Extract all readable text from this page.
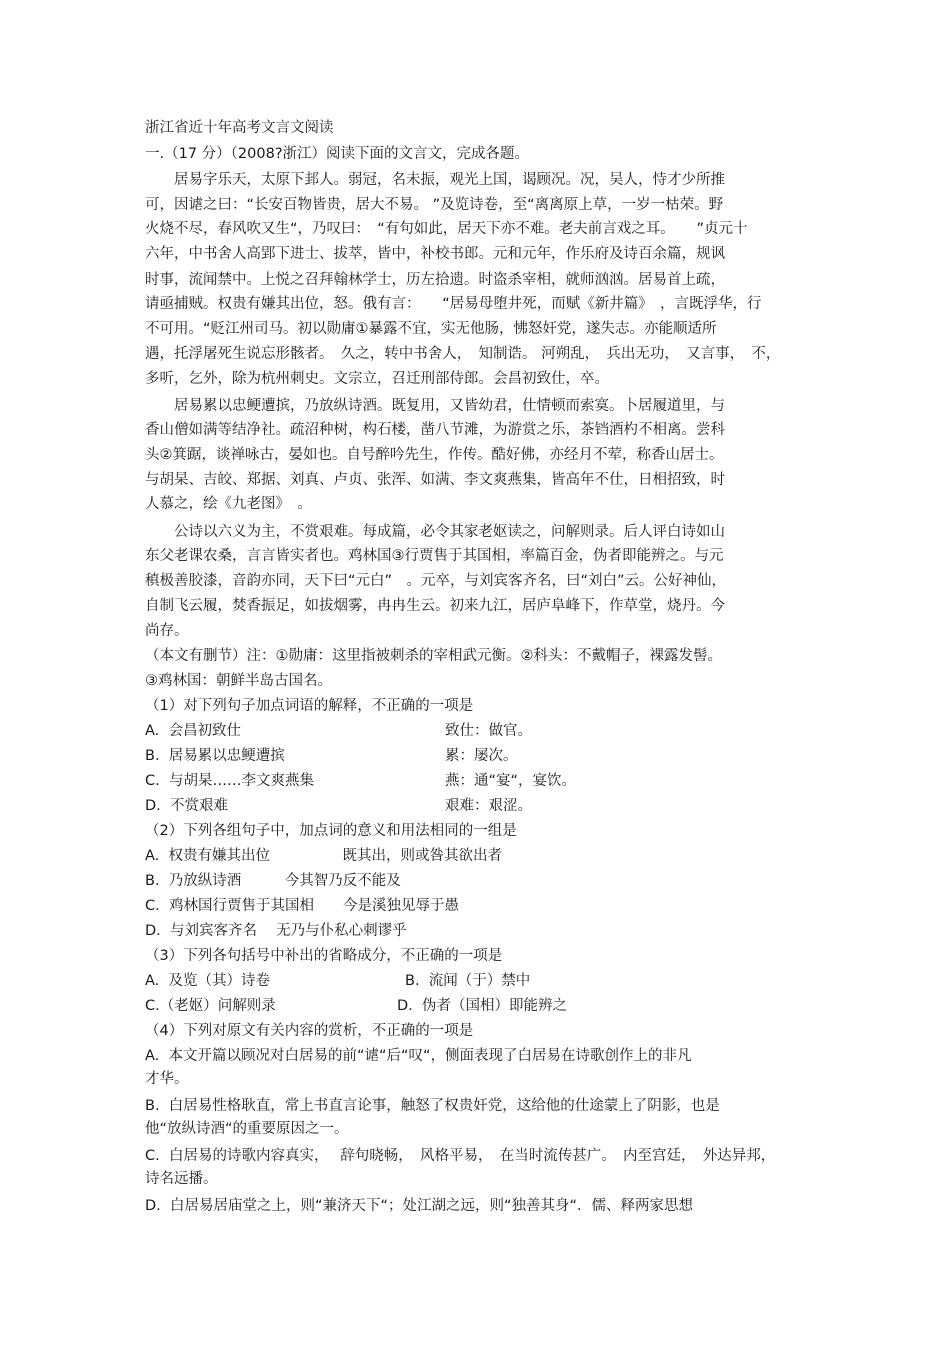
浙江省近十年高考文言文阅读

一.（17 分）（2008?浙江）阅读下面的文言文，完成各题。

　　居易字乐天，太原下邽人。弱冠，名未振，观光上国，谒顾况。况，吴人，恃才少所推

可，因谑之曰：“长安百物皆贵，居大不易。 ”及览诗卷，至“离离原上草，一岁一枯荣。野

火烧不尽，春风吹又生“，乃叹曰：　“有句如此，居天下亦不难。老夫前言戏之耳。　　”贞元十

六年，中书舍人高郢下进士、拔萃，皆中，补校书郎。元和元年，作乐府及诗百余篇，规讽

时事，流闻禁中。上悦之召拜翰林学士，历左拾遗。时盗杀宰相，就师汹汹。居易首上疏，

请亟捕贼。权贵有嫌其出位，怒。俄有言：　　“居易母堕井死，而赋《新井篇》　，言既浮华，行

不可用。“贬江州司马。初以勋庸①暴露不宜，实无他肠，怫怒奸党，遂失志。亦能顺适所

遇，托浮屠死生说忘形骸者。　久之，转中书舍人，　知制诰。 河朔乱，　兵出无功，　又言事，　不，

多听，乞外，除为杭州刺史。文宗立，召迁刑部侍郎。会昌初致仕，卒。

　　居易累以忠鲠遭摈，乃放纵诗酒。既复用，又皆幼君，仕情顿而索寞。卜居履道里，与

香山僧如满等结净社。疏沼种树，构石楼，凿八节滩，为游赏之乐，茶铛酒杓不相离。尝科

头②箕踞，谈禅咏古，晏如也。自号醉吟先生，作传。酷好佛，亦经月不荤，称香山居士。

与胡杲、吉皎、郑据、刘真、卢贞、张浑、如满、李文爽燕集，皆高年不仕，日相招致，时

人慕之，绘《九老图》　。

　　公诗以六义为主，不赏艰难。每成篇，必令其家老妪读之，问解则录。后人评白诗如山

东父老课农桑，言言皆实者也。鸡林国③行贾售于其国相，率篇百金，伪者即能辨之。与元

稹极善胶漆，音韵亦同，天下曰“元白”　。元卒，与刘宾客齐名，曰“刘白”云。公好神仙，

自制飞云履，焚香振足，如拔烟雾，冉冉生云。初来九江，居庐阜峰下，作草堂，烧丹。今

尚存。

（本文有删节）注：①勋庸：这里指被刺杀的宰相武元衡。②科头：不戴帽子，裸露发髻。

③鸡林国：朝鲜半岛古国名。

（1）对下列句子加点词语的解释，不正确的一项是

A.  会昌初致仕	致仕：做官。

B.  居易累以忠鲠遭摈	累：屡次。

C.  与胡杲……李文爽燕集	燕：通“宴“，宴饮。

D.  不赏艰难	艰难：艰涩。

（2）下列各组句子中，加点词的意义和用法相同的一组是

A.  权贵有嫌其出位　　　　　既其出，则或咎其欲出者

B.  乃放纵诗酒　　　今其智乃反不能及

C.  鸡林国行贾售于其国相　　今是溪独见辱于愚

D.  与刘宾客齐名　 无乃与仆私心刺谬乎

（3）下列各句括号中补出的省略成分，不正确的一项是

A.  及览（其）诗卷	B.  流闻（于）禁中

C.（老妪）问解则录	D.  伪者（国相）即能辨之

（4）下列对原文有关内容的赏析，不正确的一项是

A.  本文开篇以顾况对白居易的前“谑“后“叹“，侧面表现了白居易在诗歌创作上的非凡

才华。

B.  白居易性格耿直，常上书直言论事，触怒了权贵奸党，这给他的仕途蒙上了阴影，也是

他“放纵诗酒“的重要原因之一。

C.  白居易的诗歌内容真实，　 辞句晓畅，　风格平易，　在当时流传甚广。　内至宫廷，　外达异邦，

诗名远播。

D.  白居易居庙堂之上，则“兼济天下“；处江湖之远，则“独善其身“．儒、释两家思想
